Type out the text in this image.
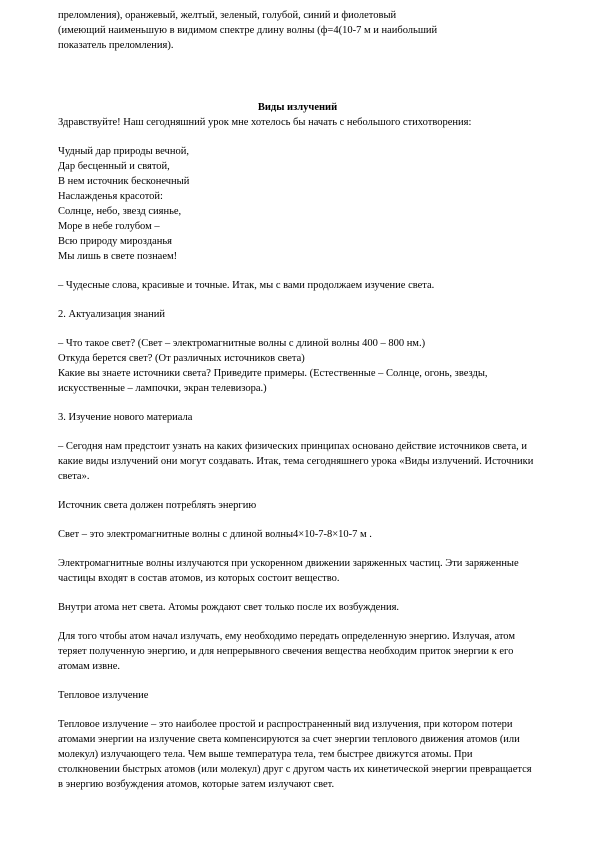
преломления), оранжевый, желтый, зеленый, голубой, синий и фиолетовый
(имеющий наименьшую в видимом спектре длину волны (ф=4(10-7 м и наибольший
показатель преломления).
Виды излучений
Здравствуйте! Наш сегодняшний урок мне хотелось бы начать с небольшого стихотворения:
Чудный дар природы вечной,
Дар бесценный и святой,
В нем источник бесконечный
Наслажденья красотой:
Солнце, небо, звезд сиянье,
Море в небе голубом –
Всю природу мирозданья
Мы лишь в свете познаем!
– Чудесные слова, красивые и точные. Итак, мы с вами продолжаем изучение света.
2. Актуализация знаний
– Что такое свет? (Свет – электромагнитные волны с длиной волны 400 – 800 нм.)
Откуда берется свет? (От различных источников света)
Какие вы знаете источники света? Приведите примеры. (Естественные – Солнце, огонь, звезды,
искусственные – лампочки, экран телевизора.)
3. Изучение нового материала
– Сегодня нам предстоит узнать на каких физических принципах основано действие источников света, и
какие виды излучений они могут создавать. Итак, тема сегодняшнего урока «Виды излучений. Источники
света».
Источник света должен потреблять энергию
Свет – это электромагнитные волны с длиной волны4×10-7-8×10-7 м .
Электромагнитные волны излучаются при ускоренном движении заряженных частиц. Эти заряженные
частицы входят в состав атомов, из которых состоит вещество.
Внутри атома нет света. Атомы рождают свет только после их возбуждения.
Для того чтобы атом начал излучать, ему необходимо передать определенную энергию. Излучая, атом
теряет полученную энергию, и для непрерывного свечения вещества необходим приток энергии к его
атомам извне.
Тепловое излучение
Тепловое излучение – это наиболее простой и распространенный вид излучения, при котором потери
атомами энергии на излучение света компенсируются за счет энергии теплового движения атомов (или
молекул) излучающего тела. Чем выше температура тела, тем быстрее движутся атомы. При
столкновении быстрых атомов (или молекул) друг с другом часть их кинетической энергии превращается
в энергию возбуждения атомов, которые затем излучают свет.
